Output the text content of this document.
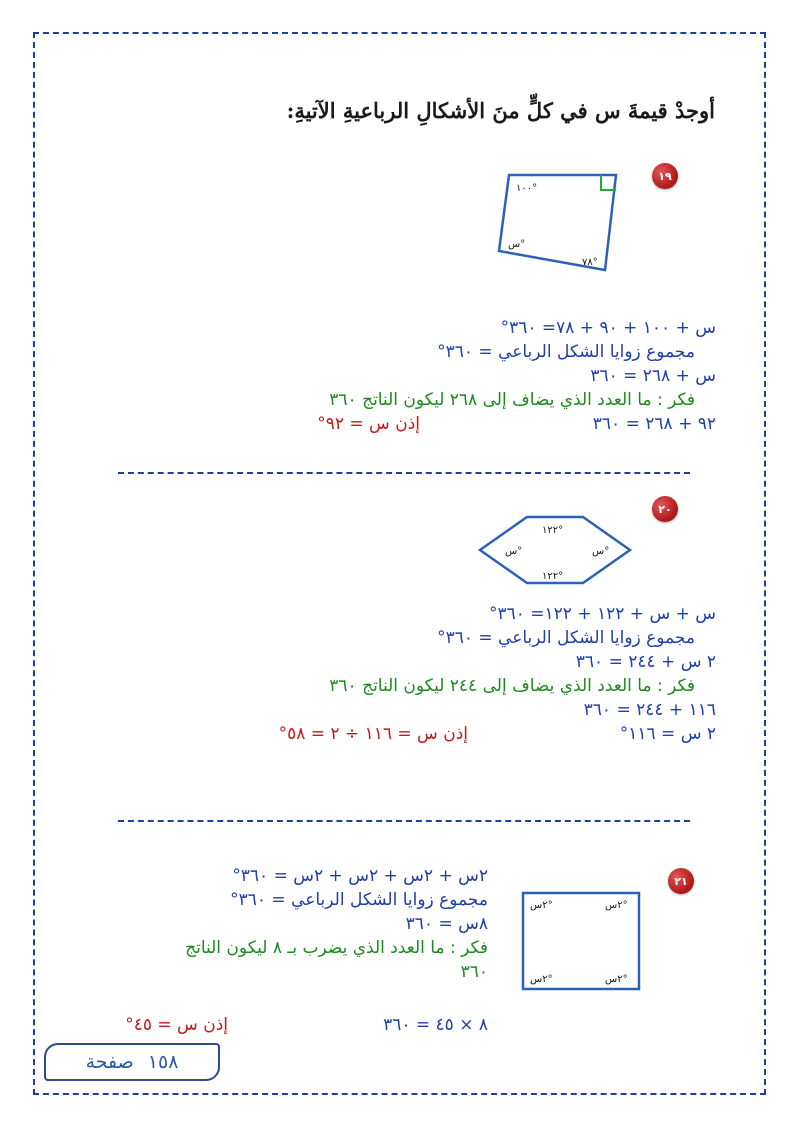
أوجدْ قيمةَ س في كلٍّ منَ الأشكالِ الرباعيةِ الآتيةِ:
١٩
١٠٠°
س°
٧٨°
س + ١٠٠ + ٩٠ + ٧٨= ٣٦٠°
مجموع زوايا الشكل الرباعي = ٣٦٠°
س + ٢٦٨ = ٣٦٠
فكر : ما العدد الذي يضاف إلى ٢٦٨ ليكون الناتج ٣٦٠
٩٢ + ٢٦٨ = ٣٦٠
إذن س = ٩٢°
٢٠
١٢٢°
١٢٢°
س°	س°
س + س + ١٢٢ + ١٢٢= ٣٦٠°
مجموع زوايا الشكل الرباعي = ٣٦٠°
٢ س + ٢٤٤ = ٣٦٠
فكر : ما العدد الذي يضاف إلى ٢٤٤ ليكون الناتج ٣٦٠
١١٦ + ٢٤٤ = ٣٦٠
٢ س = ١١٦°
إذن س = ١١٦ ÷ ٢ = ٥٨°
٢١
٢س°	٢س°
٢س°	٢س°
٢س + ٢س + ٢س + ٢س = ٣٦٠°
مجموع زوايا الشكل الرباعي = ٣٦٠°
٨س = ٣٦٠
فكر : ما العدد الذي يضرب بـ ٨ ليكون الناتج
٣٦٠
٨ × ٤٥ = ٣٦٠
إذن س = ٤٥°
صفحة ١٥٨
